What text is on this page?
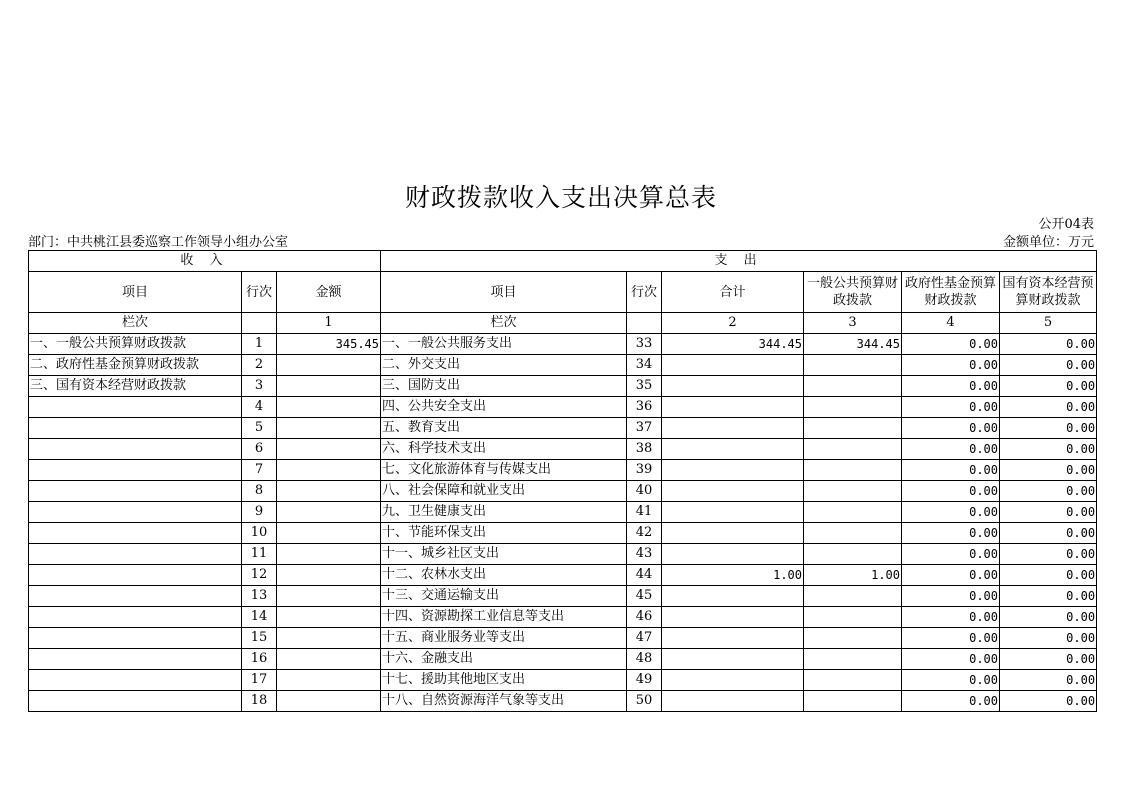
财政拨款收入支出决算总表
公开04表
部门：中共桃江县委巡察工作领导小组办公室	金额单位：万元
收 入			支 出					
项目	行次	金额	项目	行次	合计	一般公共预算财政拨款	政府性基金预算财政拨款	国有资本经营预算财政拨款
栏次		1	栏次		2	3	4	5
一、一般公共预算财政拨款	1	345.45	一、一般公共服务支出	33	344.45	344.45	0.00	0.00
二、政府性基金预算财政拨款	2		二、外交支出	34			0.00	0.00
三、国有资本经营财政拨款	3		三、国防支出	35			0.00	0.00
	4		四、公共安全支出	36			0.00	0.00
	5		五、教育支出	37			0.00	0.00
	6		六、科学技术支出	38			0.00	0.00
	7		七、文化旅游体育与传媒支出	39			0.00	0.00
	8		八、社会保障和就业支出	40			0.00	0.00
	9		九、卫生健康支出	41			0.00	0.00
	10		十、节能环保支出	42			0.00	0.00
	11		十一、城乡社区支出	43			0.00	0.00
	12		十二、农林水支出	44	1.00	1.00	0.00	0.00
	13		十三、交通运输支出	45			0.00	0.00
	14		十四、资源勘探工业信息等支出	46			0.00	0.00
	15		十五、商业服务业等支出	47			0.00	0.00
	16		十六、金融支出	48			0.00	0.00
	17		十七、援助其他地区支出	49			0.00	0.00
	18		十八、自然资源海洋气象等支出	50			0.00	0.00
